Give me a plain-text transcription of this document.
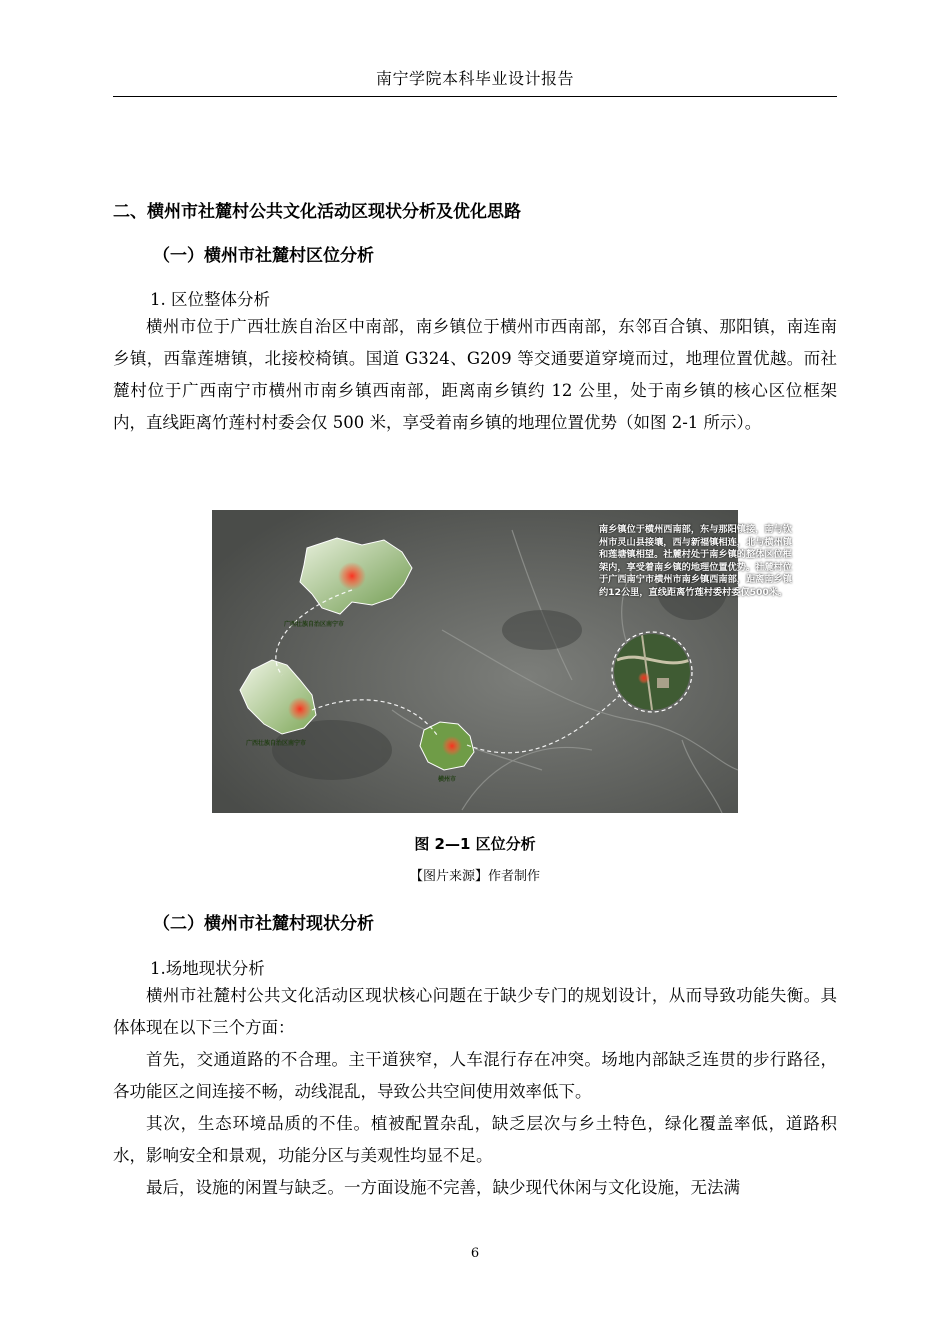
南宁学院本科毕业设计报告
二、横州市社麓村公共文化活动区现状分析及优化思路
（一）横州市社麓村区位分析
1. 区位整体分析

横州市位于广西壮族自治区中南部，南乡镇位于横州市西南部，东邻百合镇、那阳镇，南连南乡镇，西靠莲塘镇，北接校椅镇。国道 G324、G209 等交通要道穿境而过，地理位置优越。而社麓村位于广西南宁市横州市南乡镇西南部，距离南乡镇约 12 公里，处于南乡镇的核心区位框架内，直线距离竹莲村村委会仅 500 米，享受着南乡镇的地理位置优势（如图 2-1 所示）。

南乡镇位于横州西南部，东与那阳镇接，南与钦州市灵山县接壤，西与新福镇相连，北与横州镇和莲塘镇相望。社麓村处于南乡镇的整体区位框架内，享受着南乡镇的地理位置优势。社麓村位于广西南宁市横州市南乡镇西南部，距离南乡镇约12公里，直线距离竹莲村委村委仅500米。
广西壮族自治区南宁市
广西壮族自治区南宁市
横州市
图 2—1 区位分析
【图片来源】作者制作
（二）横州市社麓村现状分析
1.场地现状分析

横州市社麓村公共文化活动区现状核心问题在于缺少专门的规划设计，从而导致功能失衡。具体体现在以下三个方面：

首先，交通道路的不合理。主干道狭窄，人车混行存在冲突。场地内部缺乏连贯的步行路径，各功能区之间连接不畅，动线混乱，导致公共空间使用效率低下。

其次，生态环境品质的不佳。植被配置杂乱，缺乏层次与乡土特色，绿化覆盖率低，道路积水，影响安全和景观，功能分区与美观性均显不足。

最后，设施的闲置与缺乏。一方面设施不完善，缺少现代休闲与文化设施，无法满

6
